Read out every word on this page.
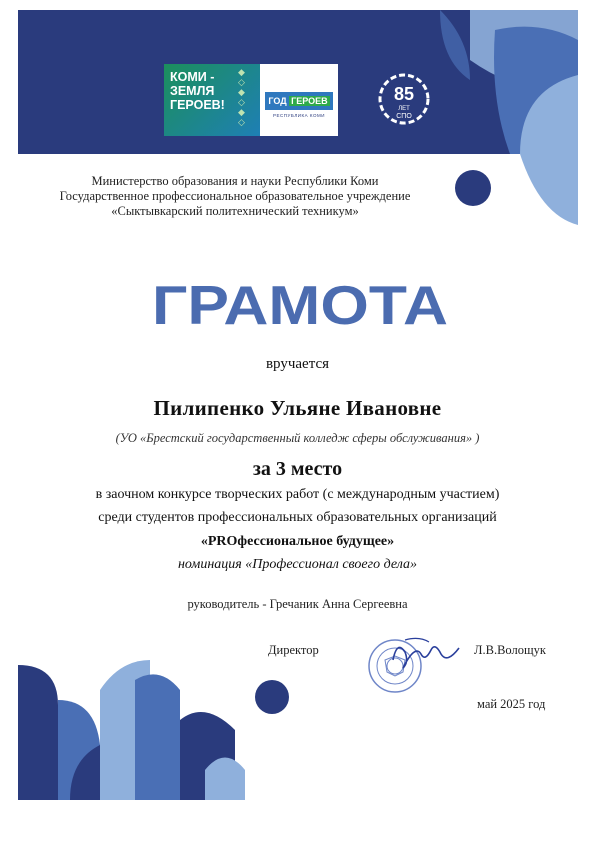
КОМИ - ЗЕМЛЯ ГЕРОЕВ!
◆
◇
◆
◇
◆
◇
ГОД ГЕРОЕВ
РЕСПУБЛИКА КОМИ
85
ЛЕТ
СПО
Министерство образования и науки Республики Коми
Государственное профессиональное образовательное учреждение
«Сыктывкарский политехнический техникум»
ГРАМОТА
вручается
Пилипенко Ульяне Ивановне
(УО «Брестский государственный колледж сферы обслуживания» )
за 3 место
в заочном конкурсе творческих работ (с международным участием)
среди студентов профессиональных образовательных организаций
«PROфессиональное будущее»
номинация «Профессионал своего дела»
руководитель - Гречаник Анна Сергеевна
Директор	Л.В.Волощук
май 2025 год
